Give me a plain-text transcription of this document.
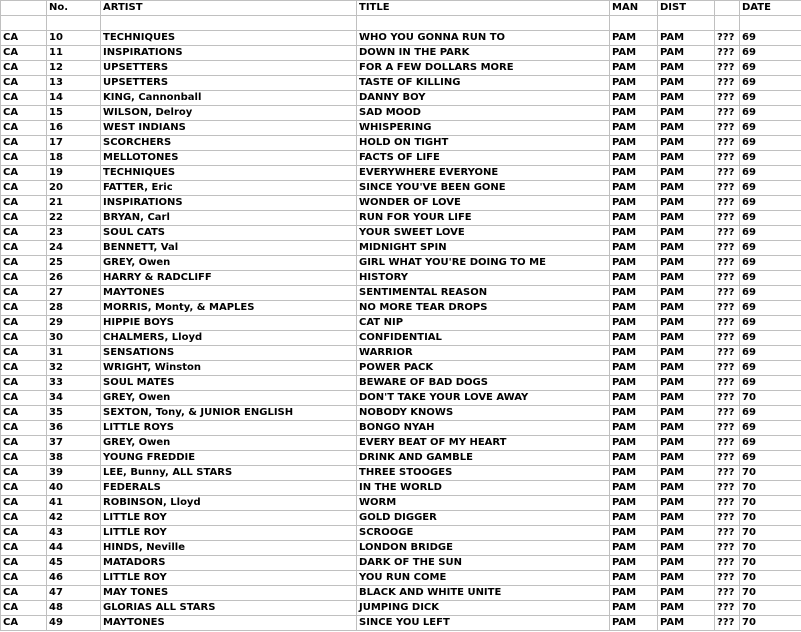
	No.	ARTIST	TITLE	MAN	DIST		DATE

CA	10	TECHNIQUES	WHO YOU GONNA RUN TO	PAM	PAM	???	69
CA	11	INSPIRATIONS	DOWN IN THE PARK	PAM	PAM	???	69
CA	12	UPSETTERS	FOR A FEW DOLLARS MORE	PAM	PAM	???	69
CA	13	UPSETTERS	TASTE OF KILLING	PAM	PAM	???	69
CA	14	KING, Cannonball	DANNY BOY	PAM	PAM	???	69
CA	15	WILSON, Delroy	SAD MOOD	PAM	PAM	???	69
CA	16	WEST INDIANS	WHISPERING	PAM	PAM	???	69
CA	17	SCORCHERS	HOLD ON TIGHT	PAM	PAM	???	69
CA	18	MELLOTONES	FACTS OF LIFE	PAM	PAM	???	69
CA	19	TECHNIQUES	EVERYWHERE EVERYONE	PAM	PAM	???	69
CA	20	FATTER, Eric	SINCE YOU'VE BEEN GONE	PAM	PAM	???	69
CA	21	INSPIRATIONS	WONDER OF LOVE	PAM	PAM	???	69
CA	22	BRYAN, Carl	RUN FOR YOUR LIFE	PAM	PAM	???	69
CA	23	SOUL CATS	YOUR SWEET LOVE	PAM	PAM	???	69
CA	24	BENNETT, Val	MIDNIGHT SPIN	PAM	PAM	???	69
CA	25	GREY, Owen	GIRL WHAT YOU'RE DOING TO ME	PAM	PAM	???	69
CA	26	HARRY & RADCLIFF	HISTORY	PAM	PAM	???	69
CA	27	MAYTONES	SENTIMENTAL REASON	PAM	PAM	???	69
CA	28	MORRIS, Monty, & MAPLES	NO MORE TEAR DROPS	PAM	PAM	???	69
CA	29	HIPPIE BOYS	CAT NIP	PAM	PAM	???	69
CA	30	CHALMERS, Lloyd	CONFIDENTIAL	PAM	PAM	???	69
CA	31	SENSATIONS	WARRIOR	PAM	PAM	???	69
CA	32	WRIGHT, Winston	POWER PACK	PAM	PAM	???	69
CA	33	SOUL MATES	BEWARE OF BAD DOGS	PAM	PAM	???	69
CA	34	GREY, Owen	DON'T TAKE YOUR LOVE AWAY	PAM	PAM	???	70
CA	35	SEXTON, Tony, & JUNIOR ENGLISH	NOBODY KNOWS	PAM	PAM	???	69
CA	36	LITTLE ROYS	BONGO NYAH	PAM	PAM	???	69
CA	37	GREY, Owen	EVERY BEAT OF MY HEART	PAM	PAM	???	69
CA	38	YOUNG FREDDIE	DRINK AND GAMBLE	PAM	PAM	???	69
CA	39	LEE, Bunny, ALL STARS	THREE STOOGES	PAM	PAM	???	70
CA	40	FEDERALS	IN THE WORLD	PAM	PAM	???	70
CA	41	ROBINSON, Lloyd	WORM	PAM	PAM	???	70
CA	42	LITTLE ROY	GOLD DIGGER	PAM	PAM	???	70
CA	43	LITTLE ROY	SCROOGE	PAM	PAM	???	70
CA	44	HINDS, Neville	LONDON BRIDGE	PAM	PAM	???	70
CA	45	MATADORS	DARK OF THE SUN	PAM	PAM	???	70
CA	46	LITTLE ROY	YOU RUN COME	PAM	PAM	???	70
CA	47	MAY TONES	BLACK AND WHITE UNITE	PAM	PAM	???	70
CA	48	GLORIAS ALL STARS	JUMPING DICK	PAM	PAM	???	70
CA	49	MAYTONES	SINCE YOU LEFT	PAM	PAM	???	70
